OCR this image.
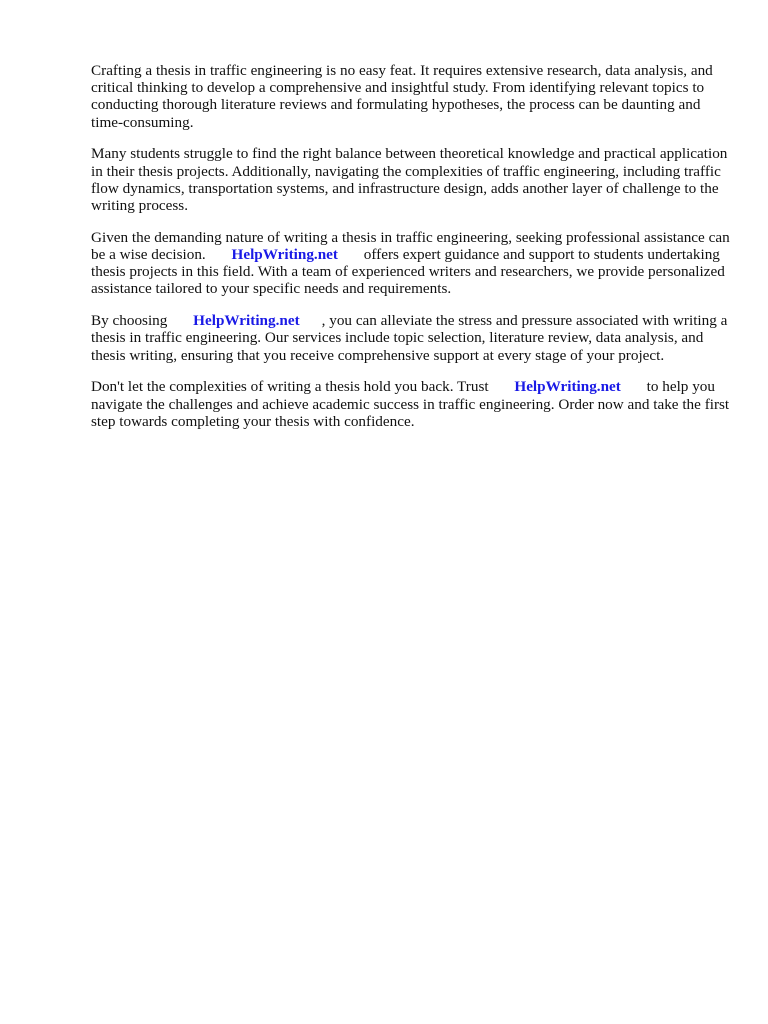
Crafting a thesis in traffic engineering is no easy feat. It requires extensive research, data analysis, and critical thinking to develop a comprehensive and insightful study. From identifying relevant topics to conducting thorough literature reviews and formulating hypotheses, the process can be daunting and time-consuming.

Many students struggle to find the right balance between theoretical knowledge and practical application in their thesis projects. Additionally, navigating the complexities of traffic engineering, including traffic flow dynamics, transportation systems, and infrastructure design, adds another layer of challenge to the writing process.

Given the demanding nature of writing a thesis in traffic engineering, seeking professional assistance can be a wise decision. HelpWriting.net offers expert guidance and support to students undertaking thesis projects in this field. With a team of experienced writers and researchers, we provide personalized assistance tailored to your specific needs and requirements.

By choosing HelpWriting.net , you can alleviate the stress and pressure associated with writing a thesis in traffic engineering. Our services include topic selection, literature review, data analysis, and thesis writing, ensuring that you receive comprehensive support at every stage of your project.

Don't let the complexities of writing a thesis hold you back. Trust HelpWriting.net to help you navigate the challenges and achieve academic success in traffic engineering. Order now and take the first step towards completing your thesis with confidence.
